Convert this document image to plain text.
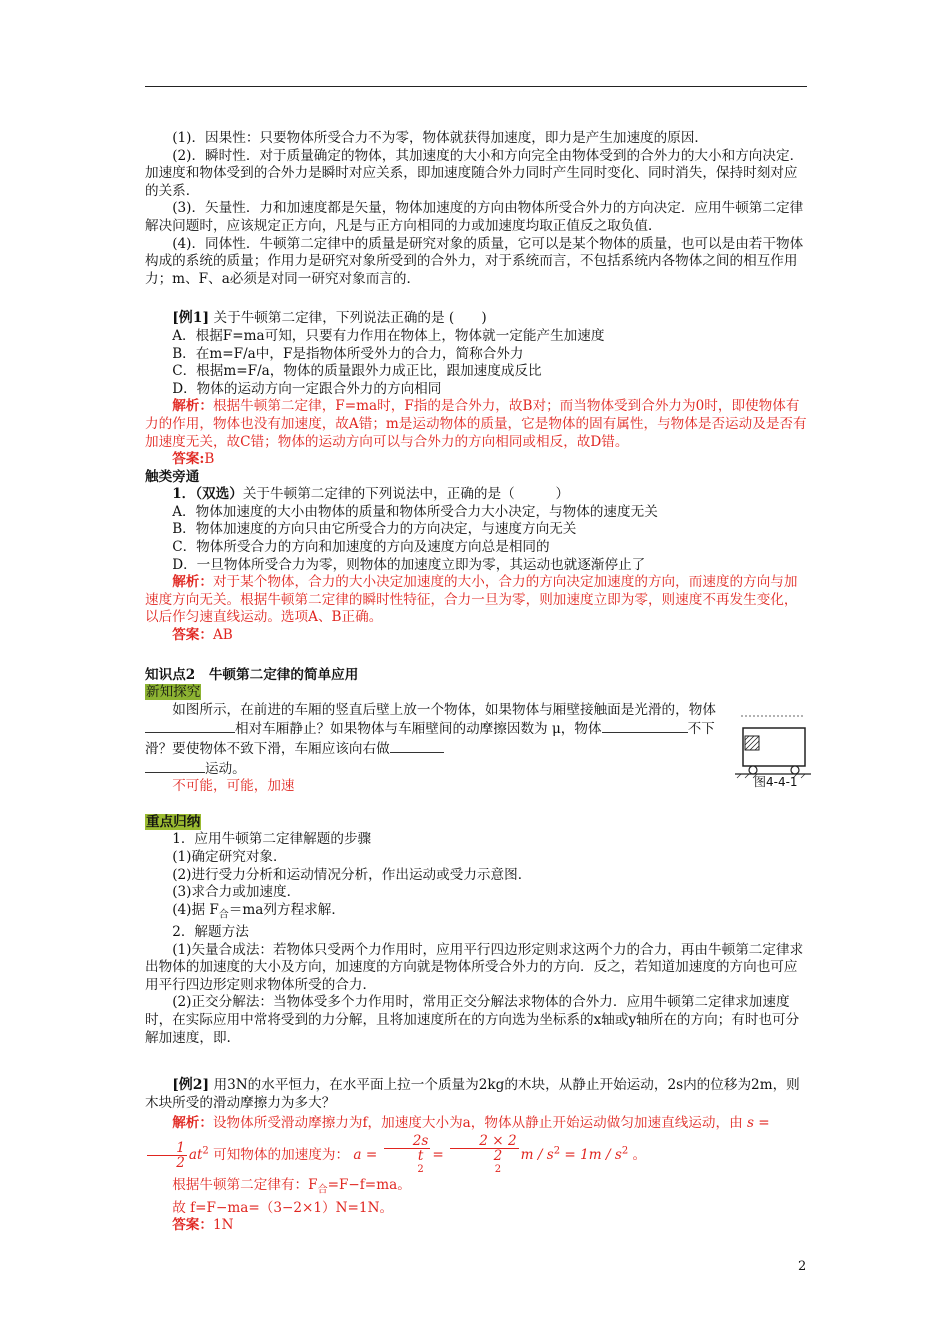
(1)．因果性：只要物体所受合力不为零，物体就获得加速度，即力是产生加速度的原因．

(2)．瞬时性．对于质量确定的物体，其加速度的大小和方向完全由物体受到的合外力的大小和方向决定．加速度和物体受到的合外力是瞬时对应关系，即加速度随合外力同时产生同时变化、同时消失，保持时刻对应的关系．

(3)．矢量性．力和加速度都是矢量，物体加速度的方向由物体所受合外力的方向决定．应用牛顿第二定律解决问题时，应该规定正方向，凡是与正方向相同的力或加速度均取正值反之取负值．

(4)．同体性．牛顿第二定律中的质量是研究对象的质量，它可以是某个物体的质量，也可以是由若干物体构成的系统的质量；作用力是研究对象所受到的合外力，对于系统而言，不包括系统内各物体之间的相互作用力；m、F、a必须是对同一研究对象而言的．

[例1] 关于牛顿第二定律，下列说法正确的是 (　　)

A．根据F=ma可知，只要有力作用在物体上，物体就一定能产生加速度

B．在m=F/a中，F是指物体所受外力的合力，简称合外力

C．根据m=F/a，物体的质量跟外力成正比，跟加速度成反比

D．物体的运动方向一定跟合外力的方向相同

解析：根据牛顿第二定律，F=ma时，F指的是合外力，故B对；而当物体受到合外力为0时，即使物体有力的作用，物体也没有加速度，故A错；m是运动物体的质量，它是物体的固有属性，与物体是否运动及是否有加速度无关，故C错；物体的运动方向可以与合外力的方向相同或相反，故D错。

答案:B

触类旁通

1．（双选）关于牛顿第二定律的下列说法中，正确的是（　　　）

A．物体加速度的大小由物体的质量和物体所受合力大小决定，与物体的速度无关

B．物体加速度的方向只由它所受合力的方向决定，与速度方向无关

C．物体所受合力的方向和加速度的方向及速度方向总是相同的

D．一旦物体所受合力为零，则物体的加速度立即为零，其运动也就逐渐停止了

解析：对于某个物体，合力的大小决定加速度的大小，合力的方向决定加速度的方向，而速度的方向与加速度方向无关。根据牛顿第二定律的瞬时性特征，合力一旦为零，则加速度立即为零，则速度不再发生变化，以后作匀速直线运动。选项A、B正确。

答案：AB

知识点2　牛顿第二定律的简单应用

新知探究

如图所示，在前进的车厢的竖直后壁上放一个物体，如果物体与厢壁接触面是光滑的，物体相对车厢静止？如果物体与车厢壁间的动摩擦因数为 μ，物体	不下滑？要使物体不致下滑，车厢应该向右做
运动。

不可能，可能，加速

重点归纳

1．应用牛顿第二定律解题的步骤

(1)确定研究对象．

(2)进行受力分析和运动情况分析，作出运动或受力示意图．

(3)求合力或加速度．

(4)据 $F_合=ma$列方程求解．

2．解题方法

(1)矢量合成法：若物体只受两个力作用时，应用平行四边形定则求这两个力的合力，再由牛顿第二定律求出物体的加速度的大小及方向，加速度的方向就是物体所受合外力的方向．反之，若知道加速度的方向也可应用平行四边形定则求物体所受的合力．

(2)正交分解法：当物体受多个力作用时，常用正交分解法求物体的合外力．应用牛顿第二定律求加速度时，在实际应用中常将受到的力分解，且将加速度所在的方向选为坐标系的x轴或y轴所在的方向；有时也可分解加速度，即.

[例2] 用3N的水平恒力，在水平面上拉一个质量为2kg的木块，从静止开始运动，2s内的位移为2m，则木块所受的滑动摩擦力为多大？

解析：设物体所受滑动摩擦力为f，加速度大小为a，物体从静止开始运动做匀加速直线运动，由 s =
$\frac{1}{2} at^2$ 可知物体的加速度为： a = 2s
t
2 = 2 × 2
2
2 $m / s^2 = 1m / s^2$ 。

根据牛顿第二定律有：$F_合=F-f=ma$。

故 f=F−ma=（3−2×1）N=1N。

答案：1N

图4-4-1
2
